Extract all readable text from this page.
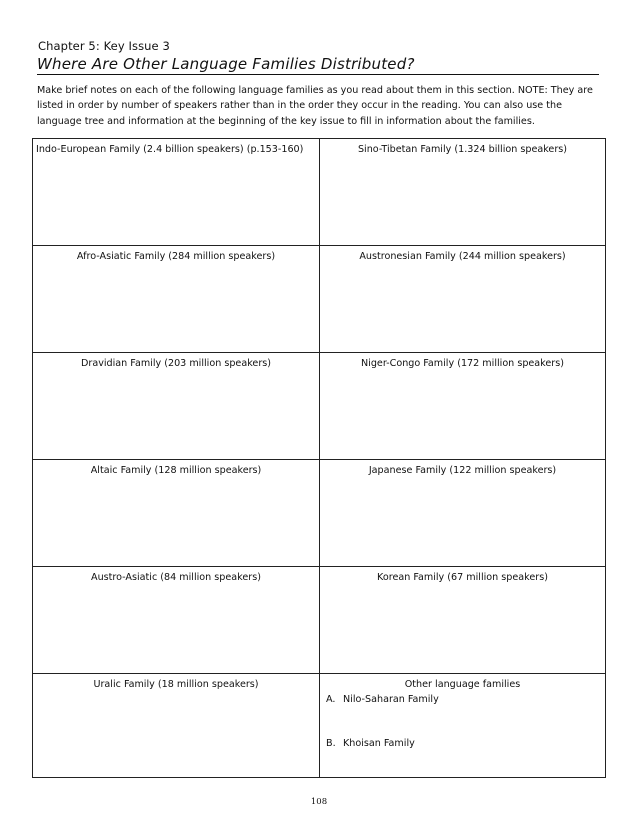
Chapter 5: Key Issue 3
Where Are Other Language Families Distributed?
Make brief notes on each of the following language families as you read about them in this section. NOTE: They are listed in order by number of speakers rather than in the order they occur in the reading. You can also use the language tree and information at the beginning of the key issue to fill in information about the families.
Indo-European Family (2.4 billion speakers) (p.153-160)	Sino-Tibetan Family (1.324 billion speakers)
Afro-Asiatic Family (284 million speakers)	Austronesian Family (244 million speakers)
Dravidian Family (203 million speakers)	Niger-Congo Family (172 million speakers)
Altaic Family (128 million speakers)	Japanese Family (122 million speakers)
Austro-Asiatic (84 million speakers)	Korean Family (67 million speakers)
Uralic Family (18 million speakers)	Other language families
A. Nilo-Saharan Family
B. Khoisan Family
108
